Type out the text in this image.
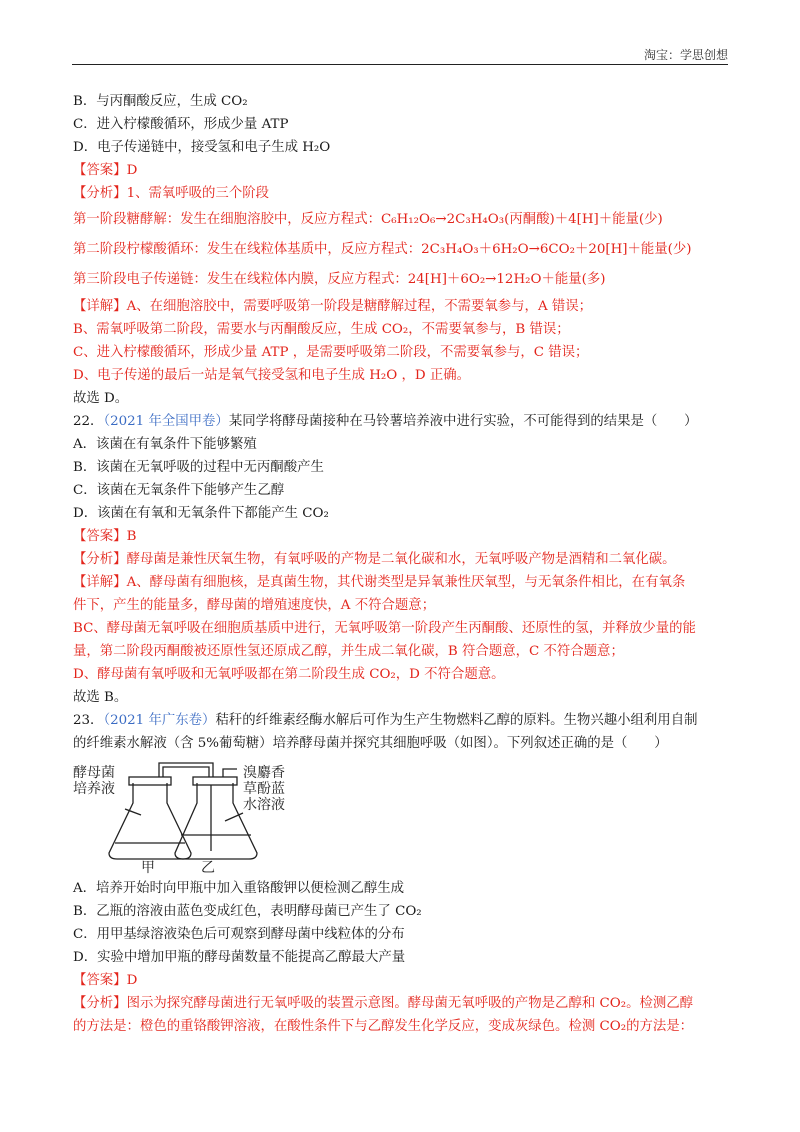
淘宝：学思创想
B．与丙酮酸反应，生成 CO₂
C．进入柠檬酸循环，形成少量 ATP
D．电子传递链中，接受氢和电子生成 H₂O
【答案】D
【分析】1、需氧呼吸的三个阶段
第一阶段糖酵解：发生在细胞溶胶中，反应方程式：C₆H₁₂O₆→2C₃H₄O₃(丙酮酸)＋4[H]＋能量(少)
第二阶段柠檬酸循环：发生在线粒体基质中，反应方程式：2C₃H₄O₃＋6H₂O→6CO₂＋20[H]＋能量(少)
第三阶段电子传递链：发生在线粒体内膜，反应方程式：24[H]＋6O₂→12H₂O＋能量(多)
【详解】A、在细胞溶胶中，需要呼吸第一阶段是糖酵解过程，不需要氧参与，A 错误；
B、需氧呼吸第二阶段，需要水与丙酮酸反应，生成 CO₂，不需要氧参与，B 错误；
C、进入柠檬酸循环，形成少量 ATP ，是需要呼吸第二阶段，不需要氧参与，C 错误；
D、电子传递的最后一站是氧气接受氢和电子生成 H₂O ，D 正确。
故选 D。
22．（2021 年全国甲卷）某同学将酵母菌接种在马铃薯培养液中进行实验，不可能得到的结果是（　　）
A．该菌在有氧条件下能够繁殖
B．该菌在无氧呼吸的过程中无丙酮酸产生
C．该菌在无氧条件下能够产生乙醇
D．该菌在有氧和无氧条件下都能产生 CO₂
【答案】B
【分析】酵母菌是兼性厌氧生物，有氧呼吸的产物是二氧化碳和水，无氧呼吸产物是酒精和二氧化碳。
【详解】A、酵母菌有细胞核，是真菌生物，其代谢类型是异氧兼性厌氧型，与无氧条件相比，在有氧条
件下，产生的能量多，酵母菌的增殖速度快，A 不符合题意；
BC、酵母菌无氧呼吸在细胞质基质中进行，无氧呼吸第一阶段产生丙酮酸、还原性的氢，并释放少量的能
量，第二阶段丙酮酸被还原性氢还原成乙醇，并生成二氧化碳，B 符合题意，C 不符合题意；
D、酵母菌有氧呼吸和无氧呼吸都在第二阶段生成 CO₂，D 不符合题意。
故选 B。
23．（2021 年广东卷）秸秆的纤维素经酶水解后可作为生产生物燃料乙醇的原料。生物兴趣小组利用自制
的纤维素水解液（含 5%葡萄糖）培养酵母菌并探究其细胞呼吸（如图）。下列叙述正确的是（　　）
酵母菌
培养液
溴麝香
草酚蓝
水溶液
甲	乙
A．培养开始时向甲瓶中加入重铬酸钾以便检测乙醇生成
B．乙瓶的溶液由蓝色变成红色，表明酵母菌已产生了 CO₂
C．用甲基绿溶液染色后可观察到酵母菌中线粒体的分布
D．实验中增加甲瓶的酵母菌数量不能提高乙醇最大产量
【答案】D
【分析】图示为探究酵母菌进行无氧呼吸的装置示意图。酵母菌无氧呼吸的产物是乙醇和 CO₂。检测乙醇
的方法是：橙色的重铬酸钾溶液，在酸性条件下与乙醇发生化学反应，变成灰绿色。检测 CO₂的方法是：
